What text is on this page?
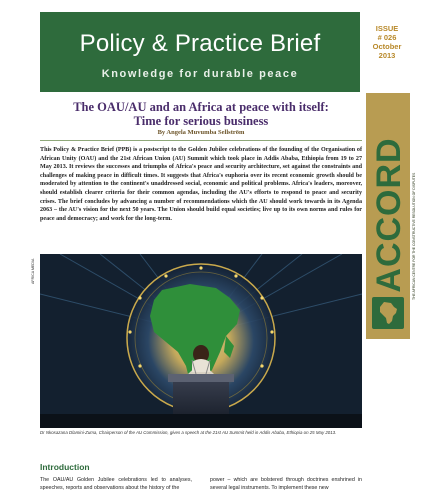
Policy & Practice Brief
Knowledge for durable peace
ISSUE
# 026
October
2013
ACCORD	THE AFRICAN CENTRE FOR THE CONSTRUCTIVE RESOLUTION OF DISPUTES
The OAU/AU and an Africa at peace with itself:
Time for serious business
By Angela Muvumba Sellström

This Policy & Practice Brief (PPB) is a postscript to the Golden Jubilee celebrations of the founding of the Organisation of African Unity (OAU) and the 21st African Union (AU) Summit which took place in Addis Ababa, Ethiopia from 19 to 27 May 2013. It reviews the successes and triumphs of Africa's peace and security architecture, set against the constraints and challenges of making peace in difficult times. It suggests that Africa's euphoria over its recent economic growth should be moderated by attention to the continent's unaddressed social, economic and political problems. Africa's leaders, moreover, should establish clearer criteria for their common agendas, including the AU's efforts to respond to peace and security crises. The brief concludes by advancing a number of recommendations which the AU should work towards in its Agenda 2063 – the AU's vision for the next 50 years. The Union should build equal societies; live up to its own norms and rules for peace and democracy; and work for the long-term.

AFRICA MEDIA
Dr Nkosazana Dlamini-Zuma, Chairperson of the AU Commission, gives a speech at the 21st AU Summit held in Addis Ababa, Ethiopia on 25 May 2013.
Introduction

The OAU/AU Golden Jubilee celebrations led to analyses, speeches, reports and observations about the history of the

power – which are bolstered through doctrines enshrined in several legal instruments. To implement these new
